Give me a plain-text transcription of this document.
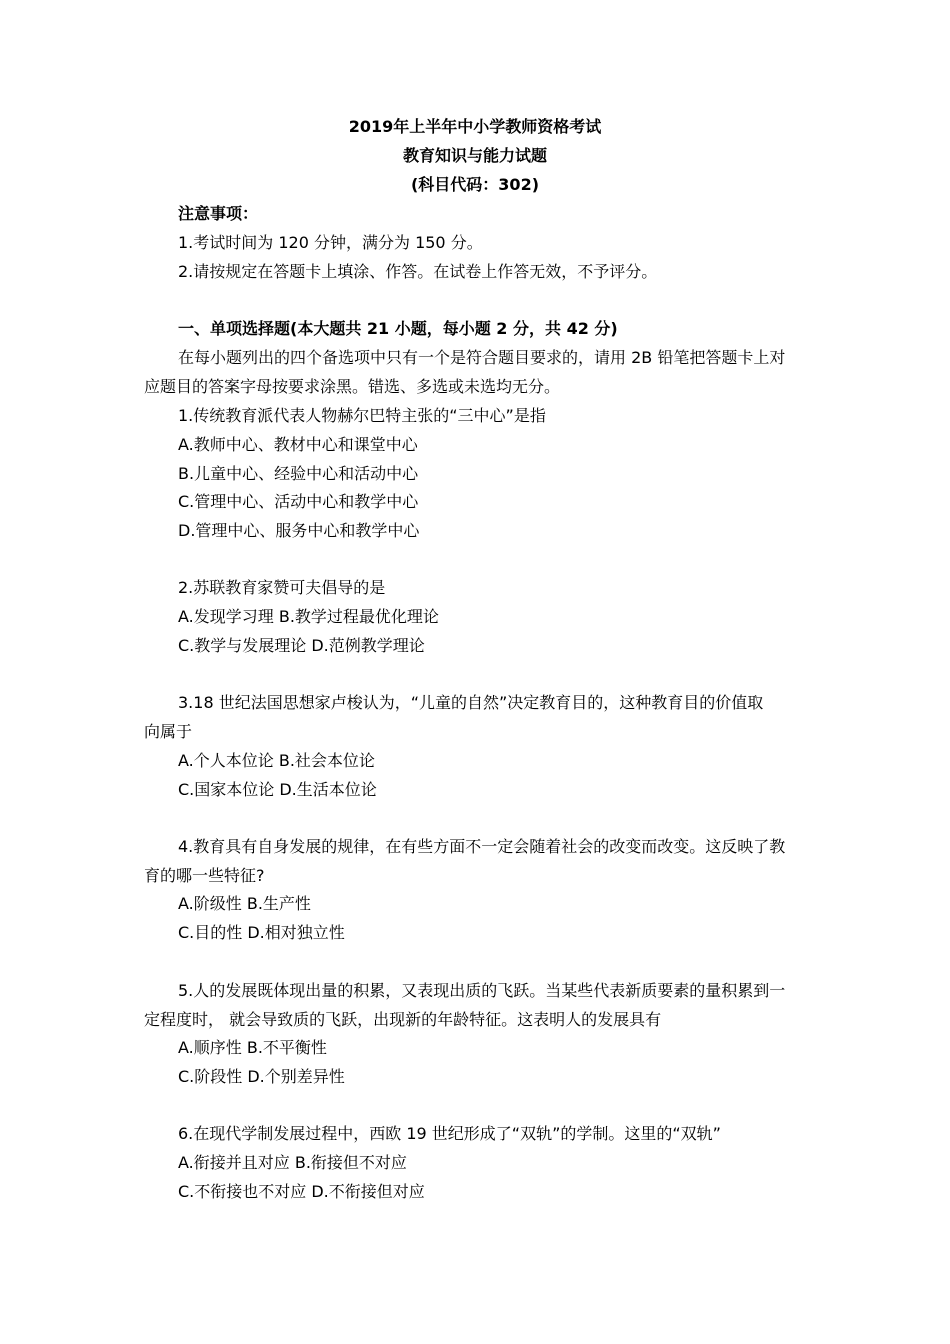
2019年上半年中小学教师资格考试
教育知识与能力试题
(科目代码：302)
注意事项：
1.考试时间为 120 分钟，满分为 150 分。
2.请按规定在答题卡上填涂、作答。在试卷上作答无效，不予评分。
一、单项选择题(本大题共 21 小题，每小题 2 分，共 42 分)
在每小题列出的四个备选项中只有一个是符合题目要求的，请用 2B 铅笔把答题卡上对
应题目的答案字母按要求涂黑。错选、多选或未选均无分。
1.传统教育派代表人物赫尔巴特主张的“三中心”是指
A.教师中心、教材中心和课堂中心
B.儿童中心、经验中心和活动中心
C.管理中心、活动中心和教学中心
D.管理中心、服务中心和教学中心
2.苏联教育家赞可夫倡导的是
A.发现学习理 B.教学过程最优化理论
C.教学与发展理论 D.范例教学理论
3.18 世纪法国思想家卢梭认为，“儿童的自然”决定教育目的，这种教育目的价值取
向属于
A.个人本位论 B.社会本位论
C.国家本位论 D.生活本位论
4.教育具有自身发展的规律，在有些方面不一定会随着社会的改变而改变。这反映了教
育的哪一些特征?
A.阶级性 B.生产性
C.目的性 D.相对独立性
5.人的发展既体现出量的积累，又表现出质的飞跃。当某些代表新质要素的量积累到一
定程度时， 就会导致质的飞跃，出现新的年龄特征。这表明人的发展具有
A.顺序性 B.不平衡性
C.阶段性 D.个别差异性
6.在现代学制发展过程中，西欧 19 世纪形成了“双轨”的学制。这里的“双轨”
A.衔接并且对应 B.衔接但不对应
C.不衔接也不对应 D.不衔接但对应
